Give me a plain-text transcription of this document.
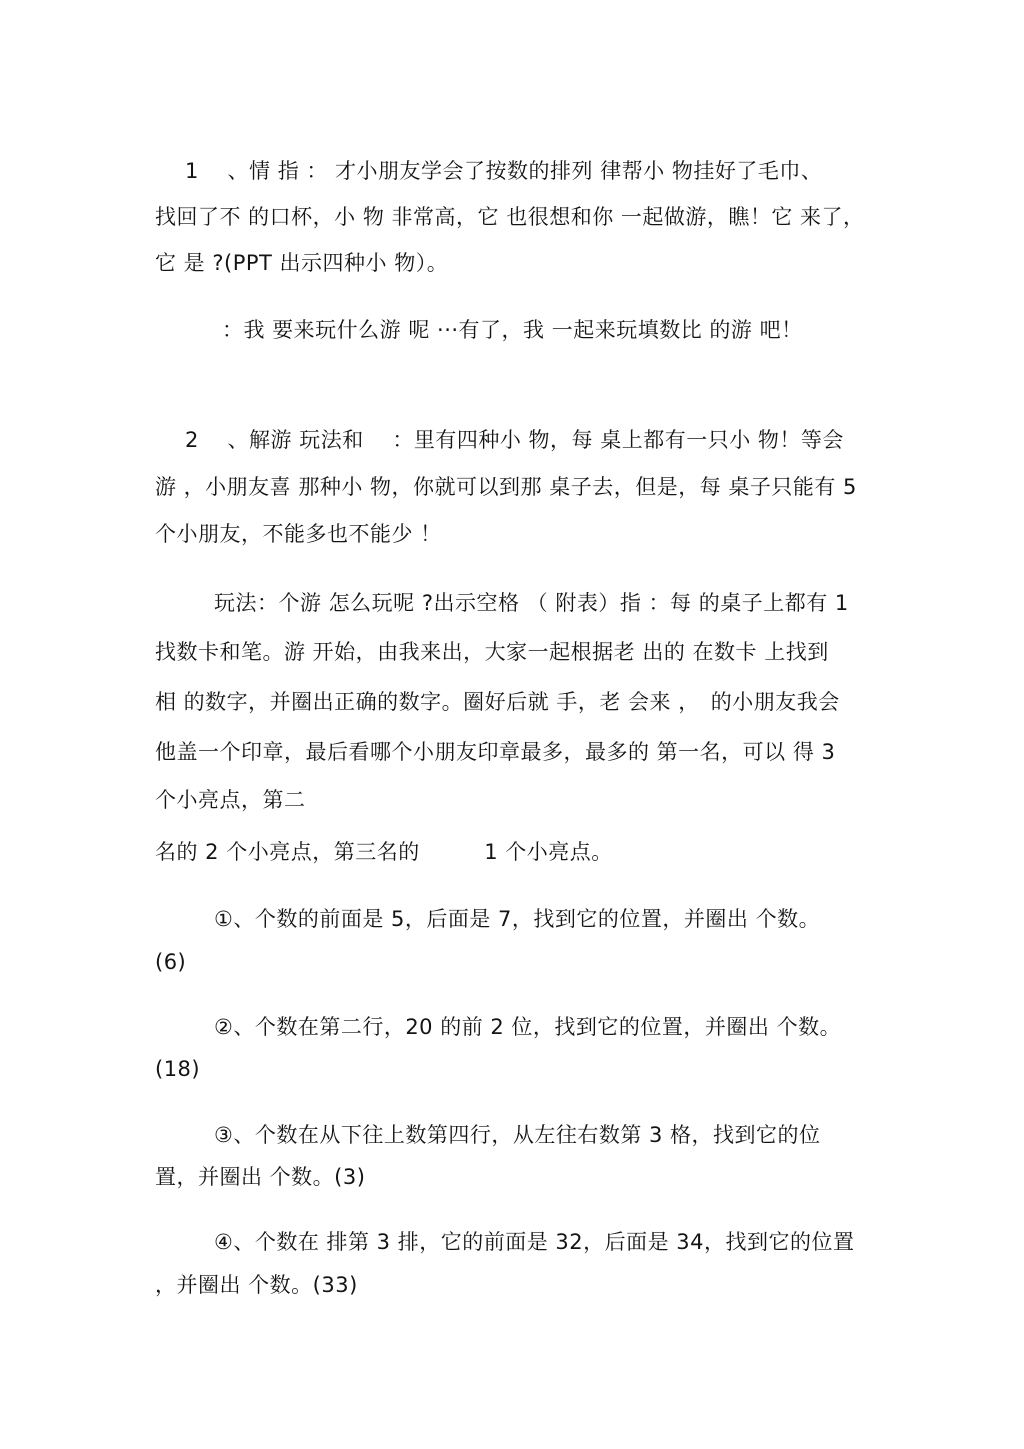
1　 、情 指 ： 才小朋友学会了按数的排列 律帮小 物挂好了毛巾、
找回了不 的口杯，小 物 非常高，它 也很想和你 一起做游，瞧！它 来了，
它 是 ?(PPT 出示四种小 物）。
：我 要来玩什么游 呢 ···有了，我 一起来玩填数比 的游 吧！
2　 、解游 玩法和　 ：里有四种小 物，每 桌上都有一只小 物！等会
游 ，小朋友喜 那种小 物，你就可以到那 桌子去，但是，每 桌子只能有 5
个小朋友，不能多也不能少 ！
玩法：个游 怎么玩呢 ?出示空格 （ 附表）指 ：每 的桌子上都有 1
找数卡和笔。游 开始，由我来出，大家一起根据老 出的 在数卡 上找到
相 的数字，并圈出正确的数字。圈好后就 手，老 会来 ，　的小朋友我会
他盖一个印章，最后看哪个小朋友印章最多，最多的 第一名，可以 得 3
个小亮点，第二
名的 2 个小亮点，第三名的　　　1 个小亮点。
①、个数的前面是 5，后面是 7，找到它的位置，并圈出 个数。
(6)
②、个数在第二行，20 的前 2 位，找到它的位置，并圈出 个数。
(18)
③、个数在从下往上数第四行，从左往右数第 3 格，找到它的位
置，并圈出 个数。(3)
④、个数在 排第 3 排，它的前面是 32，后面是 34，找到它的位置
，并圈出 个数。(33)
